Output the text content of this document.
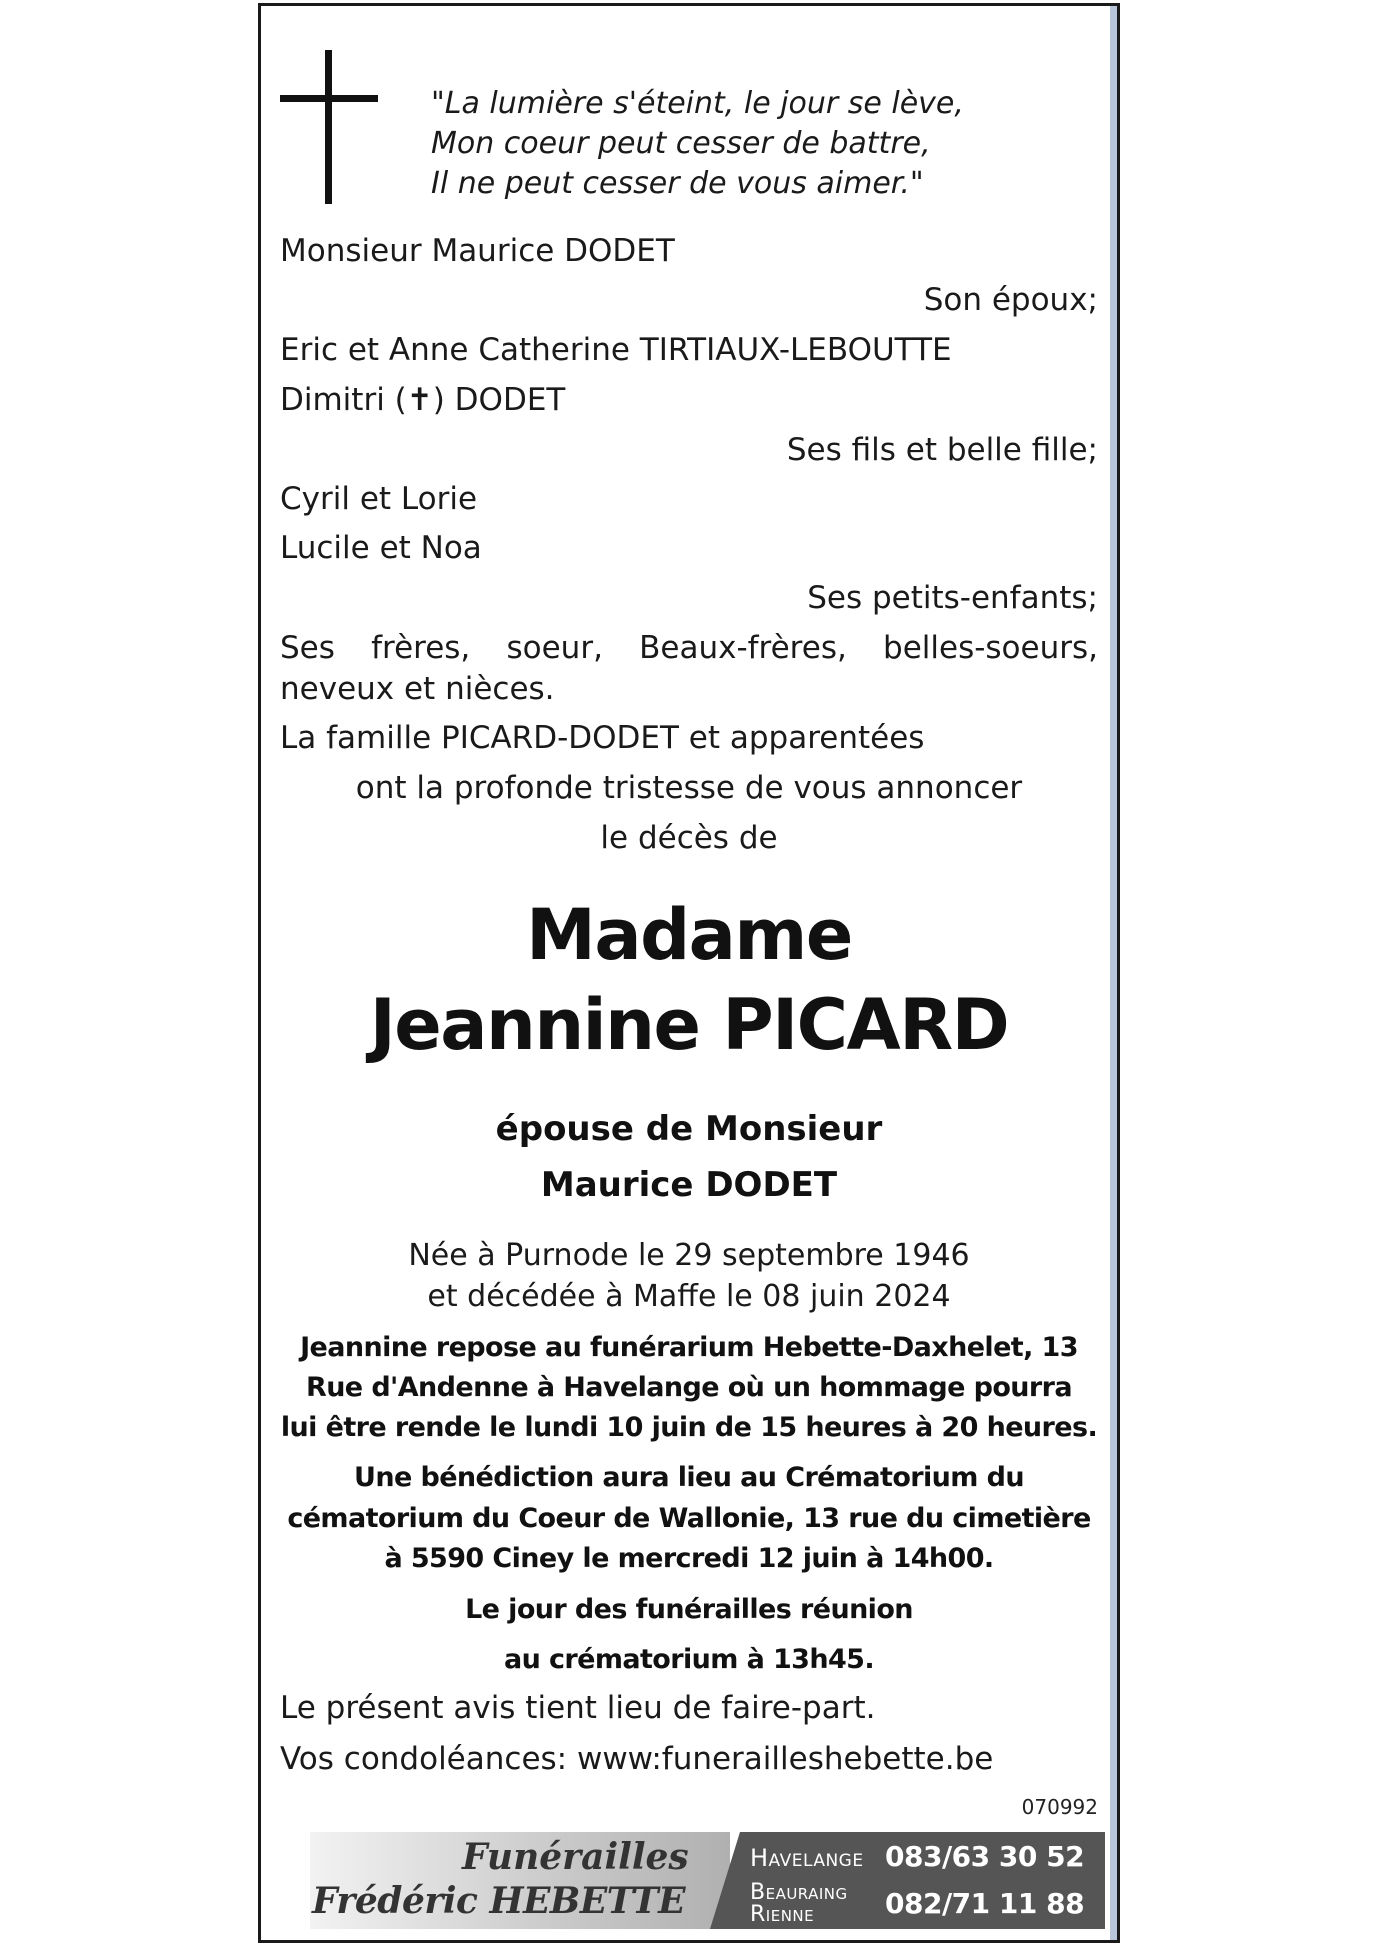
"La lumière s'éteint, le jour se lève,
Mon coeur peut cesser de battre,
Il ne peut cesser de vous aimer."
Monsieur Maurice DODET
Son époux;
Eric et Anne Catherine TIRTIAUX-LEBOUTTE
Dimitri (✝) DODET
Ses fils et belle fille;
Cyril et Lorie
Lucile et Noa
Ses petits-enfants;
Ses frères, soeur, Beaux-frères, belles-soeurs,
neveux et nièces.
La famille PICARD-DODET et apparentées
ont la profonde tristesse de vous annoncer
le décès de
Madame
Jeannine PICARD
épouse de Monsieur
Maurice DODET
Née à Purnode le 29 septembre 1946
et décédée à Maffe le 08 juin 2024
Jeannine repose au funérarium Hebette-Daxhelet, 13
Rue d'Andenne à Havelange où un hommage pourra
lui être rende le lundi 10 juin de 15 heures à 20 heures.
Une bénédiction aura lieu au Crématorium du
cématorium du Coeur de Wallonie, 13 rue du cimetière
à 5590 Ciney le mercredi 12 juin à 14h00.
Le jour des funérailles réunion
au crématorium à 13h45.
Le présent avis tient lieu de faire-part.
Vos condoléances: www:funerailleshebette.be
070992
Funérailles
Frédéric HEBETTE
Havelange 083/63 30 52
Beauraing
Rienne	082/71 11 88
